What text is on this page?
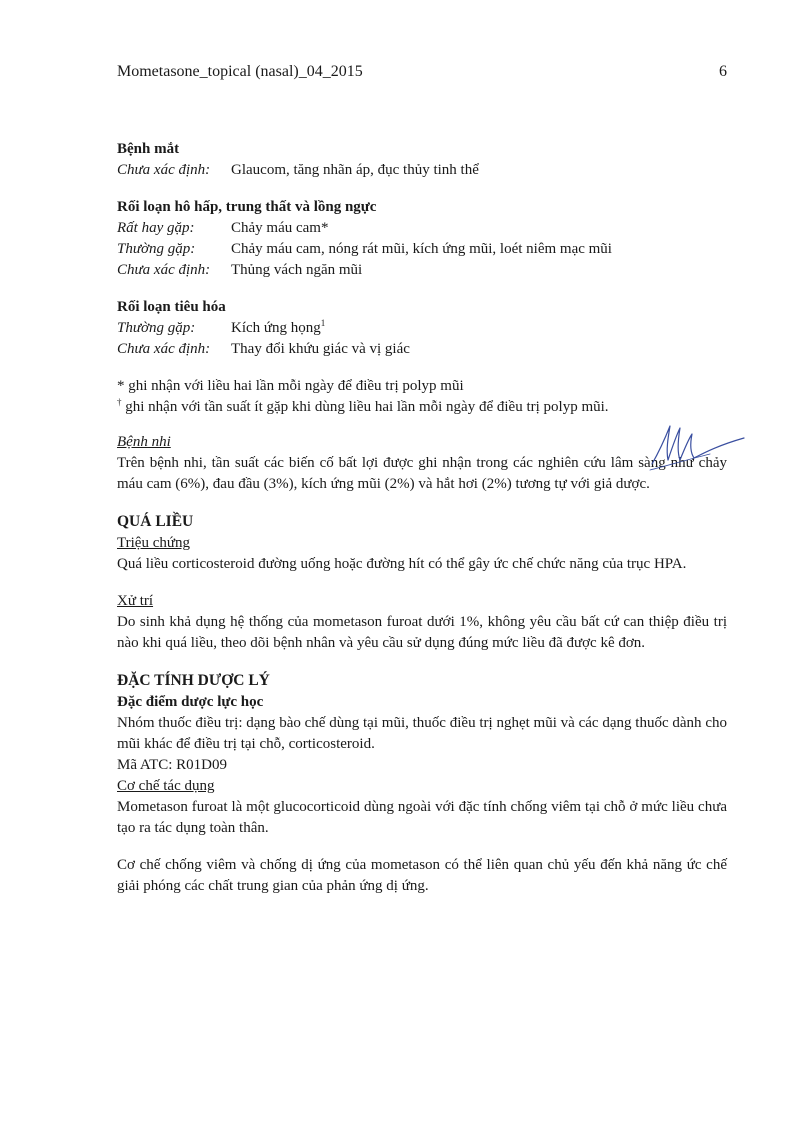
Mometasone_topical (nasal)_04_2015	6
Bệnh mắt
Chưa xác định:	Glaucom, tăng nhãn áp, đục thủy tinh thể
Rối loạn hô hấp, trung thất và lồng ngực
Rất hay gặp:	Chảy máu cam*
Thường gặp:	Chảy máu cam, nóng rát mũi, kích ứng mũi, loét niêm mạc mũi
Chưa xác định:	Thủng vách ngăn mũi
Rối loạn tiêu hóa
Thường gặp:	Kích ứng họng$^1$
Chưa xác định:	Thay đổi khứu giác và vị giác
* ghi nhận với liều hai lần mỗi ngày để điều trị polyp mũi
† ghi nhận với tần suất ít gặp khi dùng liều hai lần mỗi ngày để điều trị polyp mũi.
Bệnh nhi
Trên bệnh nhi, tần suất các biến cố bất lợi được ghi nhận trong các nghiên cứu lâm sàng như chảy máu cam (6%), đau đầu (3%), kích ứng mũi (2%) và hắt hơi (2%) tương tự với giả dược.
QUÁ LIỀU
Triệu chứng
Quá liều corticosteroid đường uống hoặc đường hít có thể gây ức chế chức năng của trục HPA.
Xử trí
Do sinh khả dụng hệ thống của mometason furoat dưới 1%, không yêu cầu bất cứ can thiệp điều trị nào khi quá liều, theo dõi bệnh nhân và yêu cầu sử dụng đúng mức liều đã được kê đơn.
ĐẶC TÍNH DƯỢC LÝ
Đặc điểm dược lực học
Nhóm thuốc điều trị: dạng bào chế dùng tại mũi, thuốc điều trị nghẹt mũi và các dạng thuốc dành cho mũi khác để điều trị tại chỗ, corticosteroid.
Mã ATC: R01D09
Cơ chế tác dụng
Mometason furoat là một glucocorticoid dùng ngoài với đặc tính chống viêm tại chỗ ở mức liều chưa tạo ra tác dụng toàn thân.
Cơ chế chống viêm và chống dị ứng của mometason có thể liên quan chủ yếu đến khả năng ức chế giải phóng các chất trung gian của phản ứng dị ứng.
